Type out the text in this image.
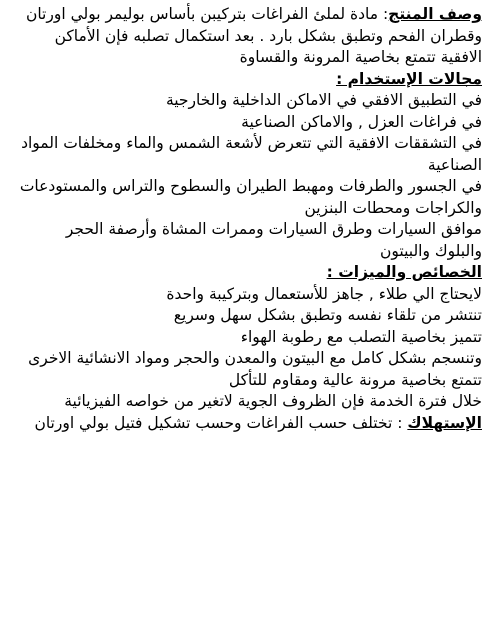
وصف المنتج: مادة لملئ الفراغات بتركيبن بأساس بوليمر بولي اورتان وقطران الفحم وتطبق بشكل بارد . بعد استكمال تصلبه فإن الأماكن الافقية تتمتع بخاصية المرونة والقساوة

مجالات الإستخدام :
في التطبيق الافقي في الاماكن الداخلية والخارجية
في فراغات العزل , والاماكن الصناعية
في التشققات الافقية التي تتعرض لأشعة الشمس والماء ومخلفات المواد الصناعية
في الجسور والطرفات ومهبط الطيران والسطوح والتراس والمستودعات والكراجات ومحطات البنزين
موافق السيارات وطرق السيارات وممرات المشاة وأرصفة الحجر والبلوك والبيتون

الخصائص والميزات :
لايحتاج الي طلاء , جاهز للأستعمال وبتركيبة واحدة
تنتشر من تلقاء نفسه وتطبق بشكل سهل وسريع
تتميز بخاصية التصلب مع رطوبة الهواء
وتنسجم بشكل كامل مع البيتون والمعدن والحجر ومواد الانشائية الاخرى
تتمتع بخاصية مرونة عالية ومقاوم للتأكل
خلال فترة الخدمة فإن الظروف الجوية لاتغير من خواصه الفيزيائية

الإستهلاك : تختلف حسب الفراغات وحسب تشكيل فتيل بولي اورتان
